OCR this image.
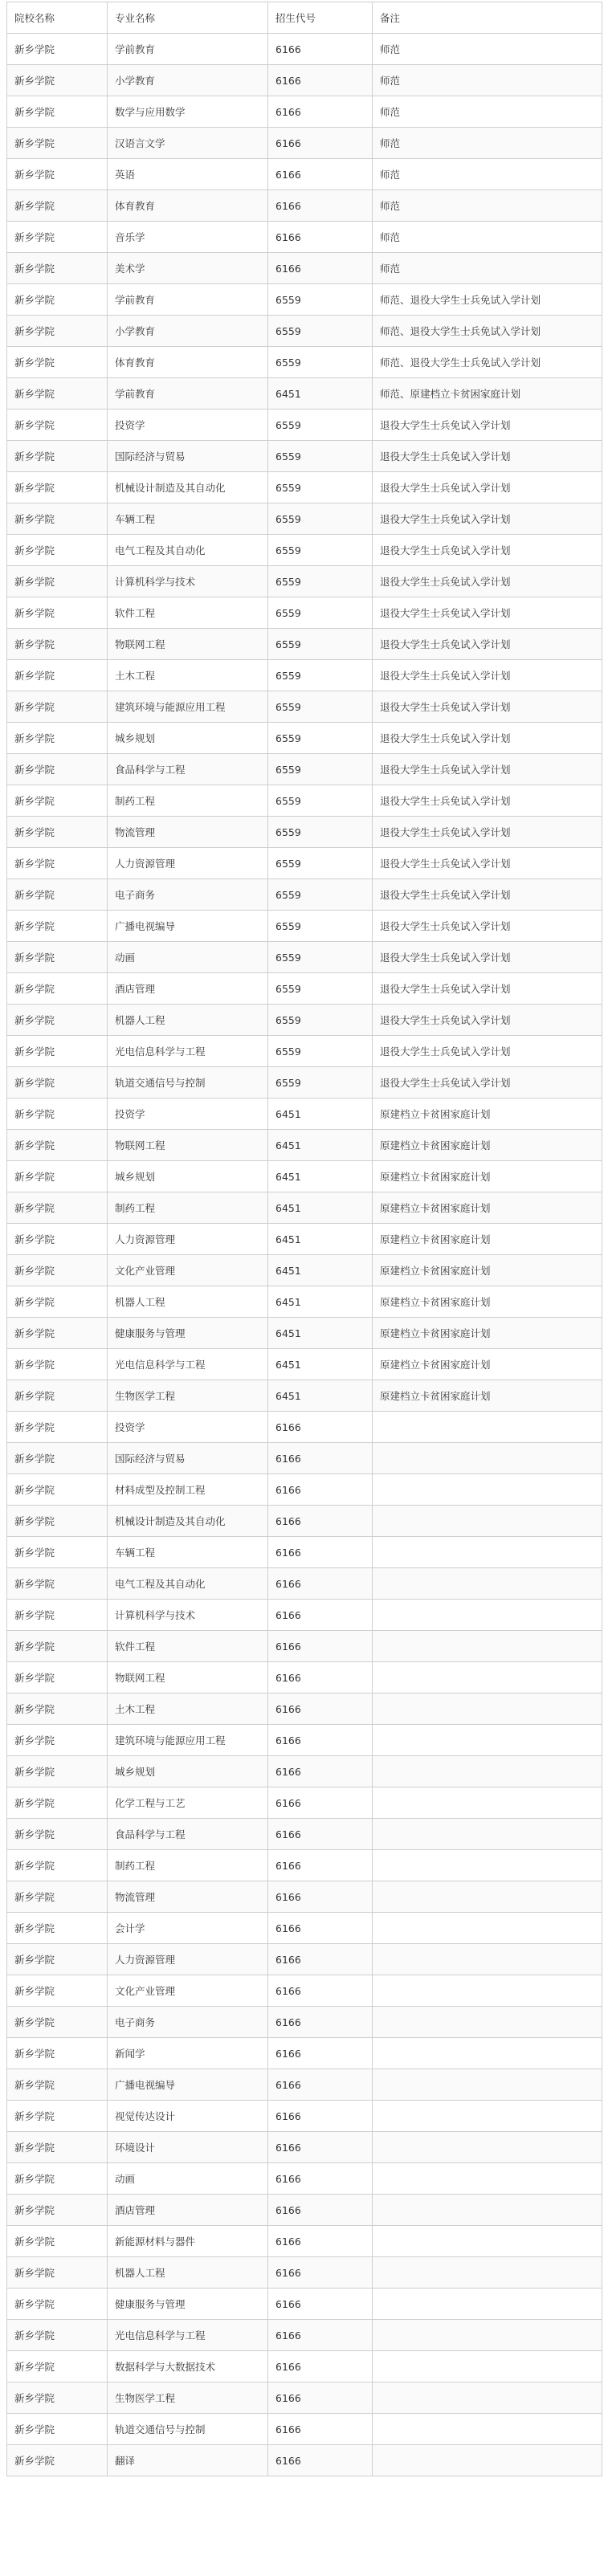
院校名称	专业名称	招生代号	备注
新乡学院	学前教育	6166	师范
新乡学院	小学教育	6166	师范
新乡学院	数学与应用数学	6166	师范
新乡学院	汉语言文学	6166	师范
新乡学院	英语	6166	师范
新乡学院	体育教育	6166	师范
新乡学院	音乐学	6166	师范
新乡学院	美术学	6166	师范
新乡学院	学前教育	6559	师范、退役大学生士兵免试入学计划
新乡学院	小学教育	6559	师范、退役大学生士兵免试入学计划
新乡学院	体育教育	6559	师范、退役大学生士兵免试入学计划
新乡学院	学前教育	6451	师范、原建档立卡贫困家庭计划
新乡学院	投资学	6559	退役大学生士兵免试入学计划
新乡学院	国际经济与贸易	6559	退役大学生士兵免试入学计划
新乡学院	机械设计制造及其自动化	6559	退役大学生士兵免试入学计划
新乡学院	车辆工程	6559	退役大学生士兵免试入学计划
新乡学院	电气工程及其自动化	6559	退役大学生士兵免试入学计划
新乡学院	计算机科学与技术	6559	退役大学生士兵免试入学计划
新乡学院	软件工程	6559	退役大学生士兵免试入学计划
新乡学院	物联网工程	6559	退役大学生士兵免试入学计划
新乡学院	土木工程	6559	退役大学生士兵免试入学计划
新乡学院	建筑环境与能源应用工程	6559	退役大学生士兵免试入学计划
新乡学院	城乡规划	6559	退役大学生士兵免试入学计划
新乡学院	食品科学与工程	6559	退役大学生士兵免试入学计划
新乡学院	制药工程	6559	退役大学生士兵免试入学计划
新乡学院	物流管理	6559	退役大学生士兵免试入学计划
新乡学院	人力资源管理	6559	退役大学生士兵免试入学计划
新乡学院	电子商务	6559	退役大学生士兵免试入学计划
新乡学院	广播电视编导	6559	退役大学生士兵免试入学计划
新乡学院	动画	6559	退役大学生士兵免试入学计划
新乡学院	酒店管理	6559	退役大学生士兵免试入学计划
新乡学院	机器人工程	6559	退役大学生士兵免试入学计划
新乡学院	光电信息科学与工程	6559	退役大学生士兵免试入学计划
新乡学院	轨道交通信号与控制	6559	退役大学生士兵免试入学计划
新乡学院	投资学	6451	原建档立卡贫困家庭计划
新乡学院	物联网工程	6451	原建档立卡贫困家庭计划
新乡学院	城乡规划	6451	原建档立卡贫困家庭计划
新乡学院	制药工程	6451	原建档立卡贫困家庭计划
新乡学院	人力资源管理	6451	原建档立卡贫困家庭计划
新乡学院	文化产业管理	6451	原建档立卡贫困家庭计划
新乡学院	机器人工程	6451	原建档立卡贫困家庭计划
新乡学院	健康服务与管理	6451	原建档立卡贫困家庭计划
新乡学院	光电信息科学与工程	6451	原建档立卡贫困家庭计划
新乡学院	生物医学工程	6451	原建档立卡贫困家庭计划
新乡学院	投资学	6166	
新乡学院	国际经济与贸易	6166	
新乡学院	材料成型及控制工程	6166	
新乡学院	机械设计制造及其自动化	6166	
新乡学院	车辆工程	6166	
新乡学院	电气工程及其自动化	6166	
新乡学院	计算机科学与技术	6166	
新乡学院	软件工程	6166	
新乡学院	物联网工程	6166	
新乡学院	土木工程	6166	
新乡学院	建筑环境与能源应用工程	6166	
新乡学院	城乡规划	6166	
新乡学院	化学工程与工艺	6166	
新乡学院	食品科学与工程	6166	
新乡学院	制药工程	6166	
新乡学院	物流管理	6166	
新乡学院	会计学	6166	
新乡学院	人力资源管理	6166	
新乡学院	文化产业管理	6166	
新乡学院	电子商务	6166	
新乡学院	新闻学	6166	
新乡学院	广播电视编导	6166	
新乡学院	视觉传达设计	6166	
新乡学院	环境设计	6166	
新乡学院	动画	6166	
新乡学院	酒店管理	6166	
新乡学院	新能源材料与器件	6166	
新乡学院	机器人工程	6166	
新乡学院	健康服务与管理	6166	
新乡学院	光电信息科学与工程	6166	
新乡学院	数据科学与大数据技术	6166	
新乡学院	生物医学工程	6166	
新乡学院	轨道交通信号与控制	6166	
新乡学院	翻译	6166	
